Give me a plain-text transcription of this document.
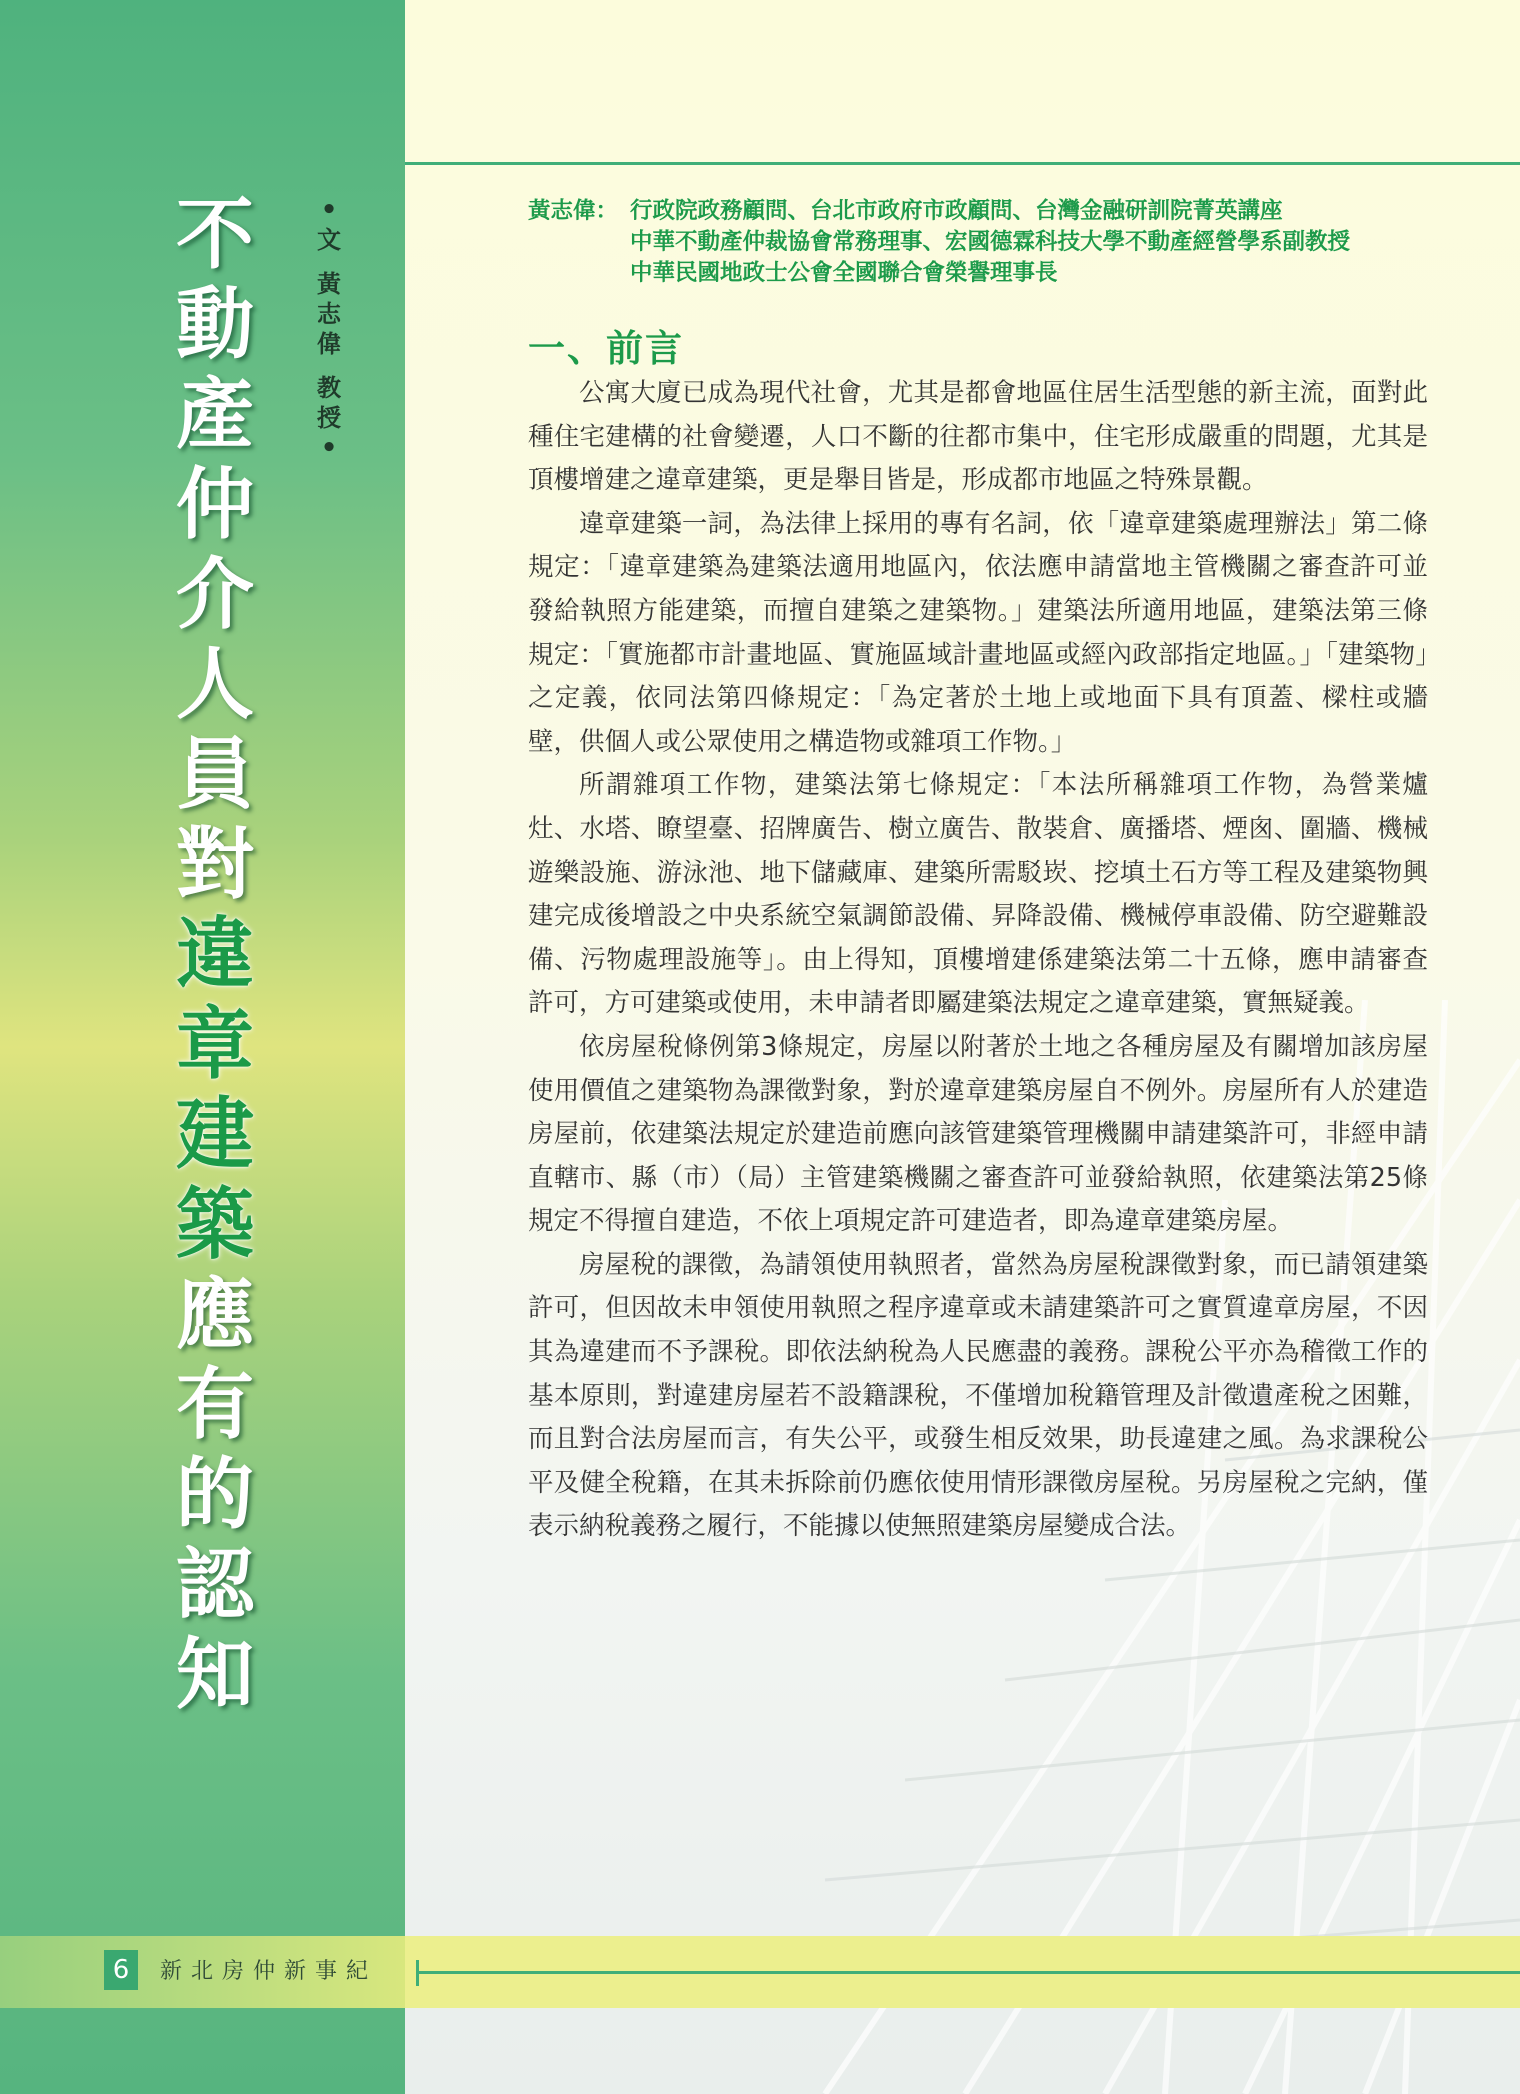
不
動
產
仲
介
人
員
對
違
章
建
築
應
有
的
認
知
•
文
黃
志
偉
教
授
•
黃志偉： 行政院政務顧問、台北市政府市政顧問、台灣金融研訓院菁英講座
中華不動產仲裁協會常務理事、宏國德霖科技大學不動產經營學系副教授
中華民國地政士公會全國聯合會榮譽理事長
一、前言

公寓大廈已成為現代社會，尤其是都會地區住居生活型態的新主流，面對此種住宅建構的社會變遷，人口不斷的往都市集中，住宅形成嚴重的問題，尤其是頂樓增建之違章建築，更是舉目皆是，形成都市地區之特殊景觀。

違章建築一詞，為法律上採用的專有名詞，依「違章建築處理辦法」第二條規定：「違章建築為建築法適用地區內，依法應申請當地主管機關之審查許可並發給執照方能建築，而擅自建築之建築物。」建築法所適用地區，建築法第三條規定：「實施都市計畫地區、實施區域計畫地區或經內政部指定地區。」「建築物」之定義，依同法第四條規定：「為定著於土地上或地面下具有頂蓋、樑柱或牆壁，供個人或公眾使用之構造物或雜項工作物。」

所謂雜項工作物，建築法第七條規定：「本法所稱雜項工作物，為營業爐灶、水塔、瞭望臺、招牌廣告、樹立廣告、散裝倉、廣播塔、煙囪、圍牆、機械遊樂設施、游泳池、地下儲藏庫、建築所需駁崁、挖填土石方等工程及建築物興建完成後增設之中央系統空氣調節設備、昇降設備、機械停車設備、防空避難設備、污物處理設施等」。由上得知，頂樓增建係建築法第二十五條，應申請審查許可，方可建築或使用，未申請者即屬建築法規定之違章建築，實無疑義。

依房屋稅條例第3條規定，房屋以附著於土地之各種房屋及有關增加該房屋使用價值之建築物為課徵對象，對於違章建築房屋自不例外。房屋所有人於建造房屋前，依建築法規定於建造前應向該管建築管理機關申請建築許可，非經申請直轄市、縣（市）（局）主管建築機關之審查許可並發給執照，依建築法第25條規定不得擅自建造，不依上項規定許可建造者，即為違章建築房屋。

房屋稅的課徵，為請領使用執照者，當然為房屋稅課徵對象，而已請領建築許可，但因故未申領使用執照之程序違章或未請建築許可之實質違章房屋，不因其為違建而不予課稅。即依法納稅為人民應盡的義務。課稅公平亦為稽徵工作的基本原則，對違建房屋若不設籍課稅，不僅增加稅籍管理及計徵遺產稅之困難，而且對合法房屋而言，有失公平，或發生相反效果，助長違建之風。為求課稅公平及健全稅籍，在其未拆除前仍應依使用情形課徵房屋稅。另房屋稅之完納，僅表示納稅義務之履行，不能據以使無照建築房屋變成合法。

6	新北房仲新事紀
